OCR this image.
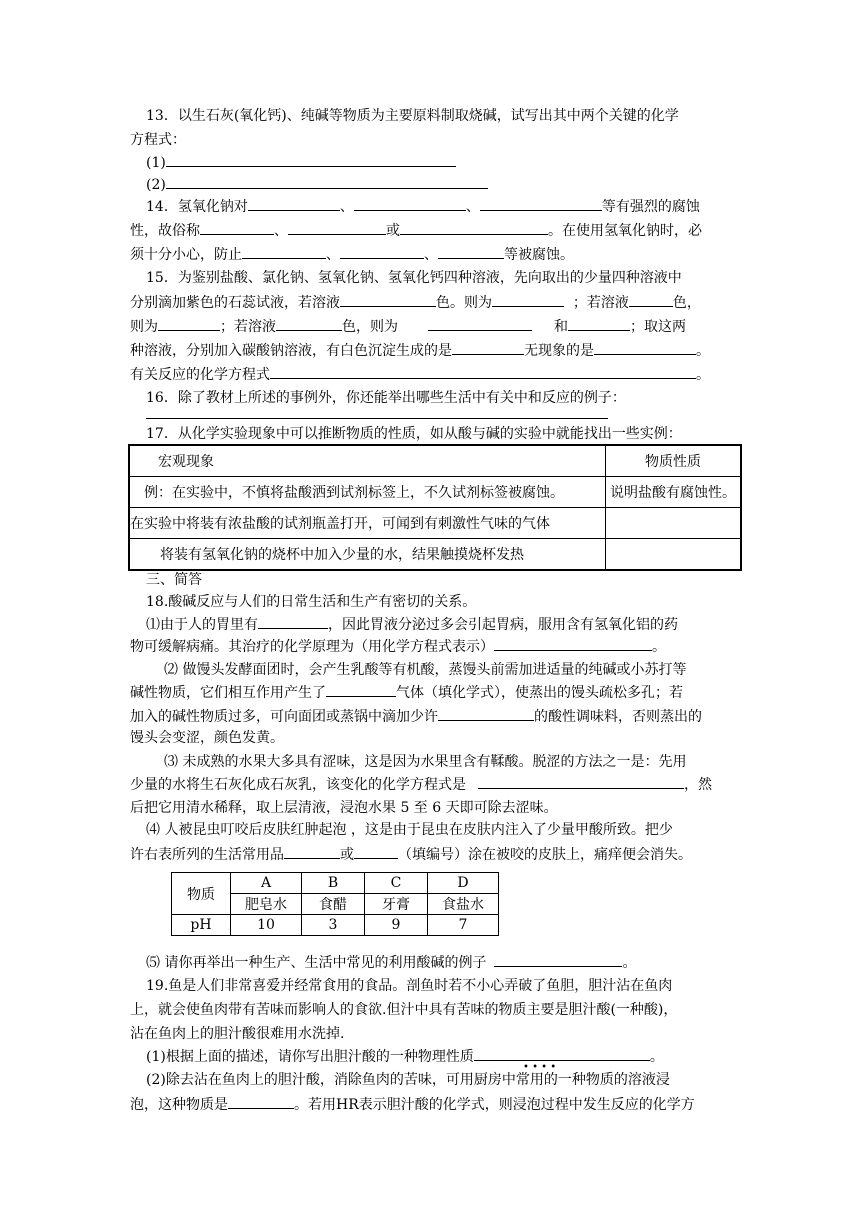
13．以生石灰(氧化钙)、纯碱等物质为主要原料制取烧碱，试写出其中两个关键的化学
方程式：
(1)
(2)
14．氢氧化钠对	、	、	等有强烈的腐蚀
性，故俗称	、	或	。在使用氢氧化钠时，必
须十分小心，防止	、	、	等被腐蚀。
15．为鉴别盐酸、氯化钠、氢氧化钠、氢氧化钙四种溶液，先向取出的少量四种溶液中
分别滴加紫色的石蕊试液，若溶液	色。则为	；若溶液	色，
则为	；若溶液	色，则为	和	；取这两
种溶液，分别加入碳酸钠溶液，有白色沉淀生成的是	无现象的是	。
有关反应的化学方程式	。
16．除了教材上所述的事例外，你还能举出哪些生活中有关中和反应的例子：
17．从化学实验现象中可以推断物质的性质，如从酸与碱的实验中就能找出一些实例：
宏观现象	物质性质
例：在实验中，不慎将盐酸洒到试剂标签上，不久试剂标签被腐蚀。	说明盐酸有腐蚀性。
在实验中将装有浓盐酸的试剂瓶盖打开，可闻到有刺激性气味的气体	
将装有氢氧化钠的烧杯中加入少量的水，结果触摸烧杯发热	
三、简答
18.酸碱反应与人们的日常生活和生产有密切的关系。
⑴由于人的胃里有	，因此胃液分泌过多会引起胃病，服用含有氢氧化铝的药
物可缓解病痛。其治疗的化学原理为（用化学方程式表示）	。
⑵ 做馒头发酵面团时，会产生乳酸等有机酸，蒸馒头前需加进适量的纯碱或小苏打等
碱性物质，它们相互作用产生了	气体（填化学式），使蒸出的馒头疏松多孔；若
加入的碱性物质过多，可向面团或蒸锅中滴加少许	的酸性调味料，否则蒸出的
馒头会变涩，颜色发黄。
⑶ 未成熟的水果大多具有涩味，这是因为水果里含有鞣酸。脱涩的方法之一是：先用
少量的水将生石灰化成石灰乳，该变化的化学方程式是	，然
后把它用清水稀释，取上层清液，浸泡水果 5 至 6 天即可除去涩味。
⑷ 人被昆虫叮咬后皮肤红肿起泡 ，这是由于昆虫在皮肤内注入了少量甲酸所致。把少
许右表所列的生活常用品	或	（填编号）涂在被咬的皮肤上，痛痒便会消失。
物质	A	B	C	D
	肥皂水	食醋	牙膏	食盐水
pH	10	3	9	7
⑸ 请你再举出一种生产、生活中常见的利用酸碱的例子	。
19.鱼是人们非常喜爱并经常食用的食品。剖鱼时若不小心弄破了鱼胆，胆汁沾在鱼肉
上，就会使鱼肉带有苦味而影响人的食欲.但汁中具有苦味的物质主要是胆汁酸(一种酸)，
沾在鱼肉上的胆汁酸很难用水洗掉.
(1)根据上面的描述，请你写出胆汁酸的一种物理性质	。
• • • •
(2)除去沾在鱼肉上的胆汁酸，消除鱼肉的苦味，可用厨房中常用的一种物质的溶液浸
泡，这种物质是	。若用HR表示胆汁酸的化学式，则浸泡过程中发生反应的化学方
